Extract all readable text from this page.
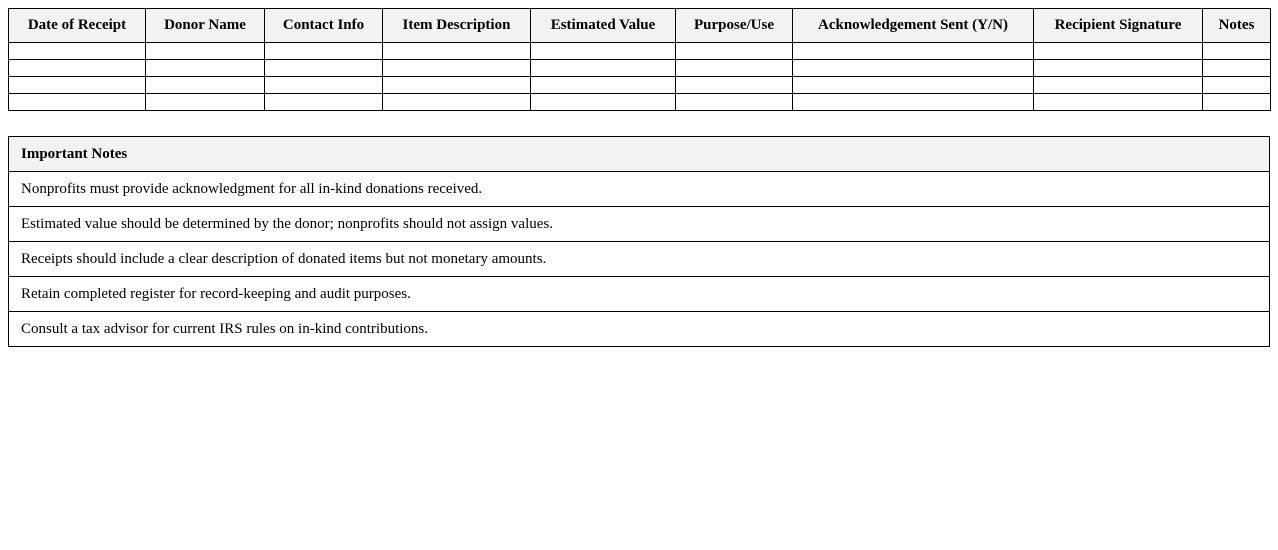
Date of Receipt	Donor Name	Contact Info	Item Description	Estimated Value	Purpose/Use	Acknowledgement Sent (Y/N)	Recipient Signature	Notes

Important Notes
Nonprofits must provide acknowledgment for all in-kind donations received.
Estimated value should be determined by the donor; nonprofits should not assign values.
Receipts should include a clear description of donated items but not monetary amounts.
Retain completed register for record-keeping and audit purposes.
Consult a tax advisor for current IRS rules on in-kind contributions.
